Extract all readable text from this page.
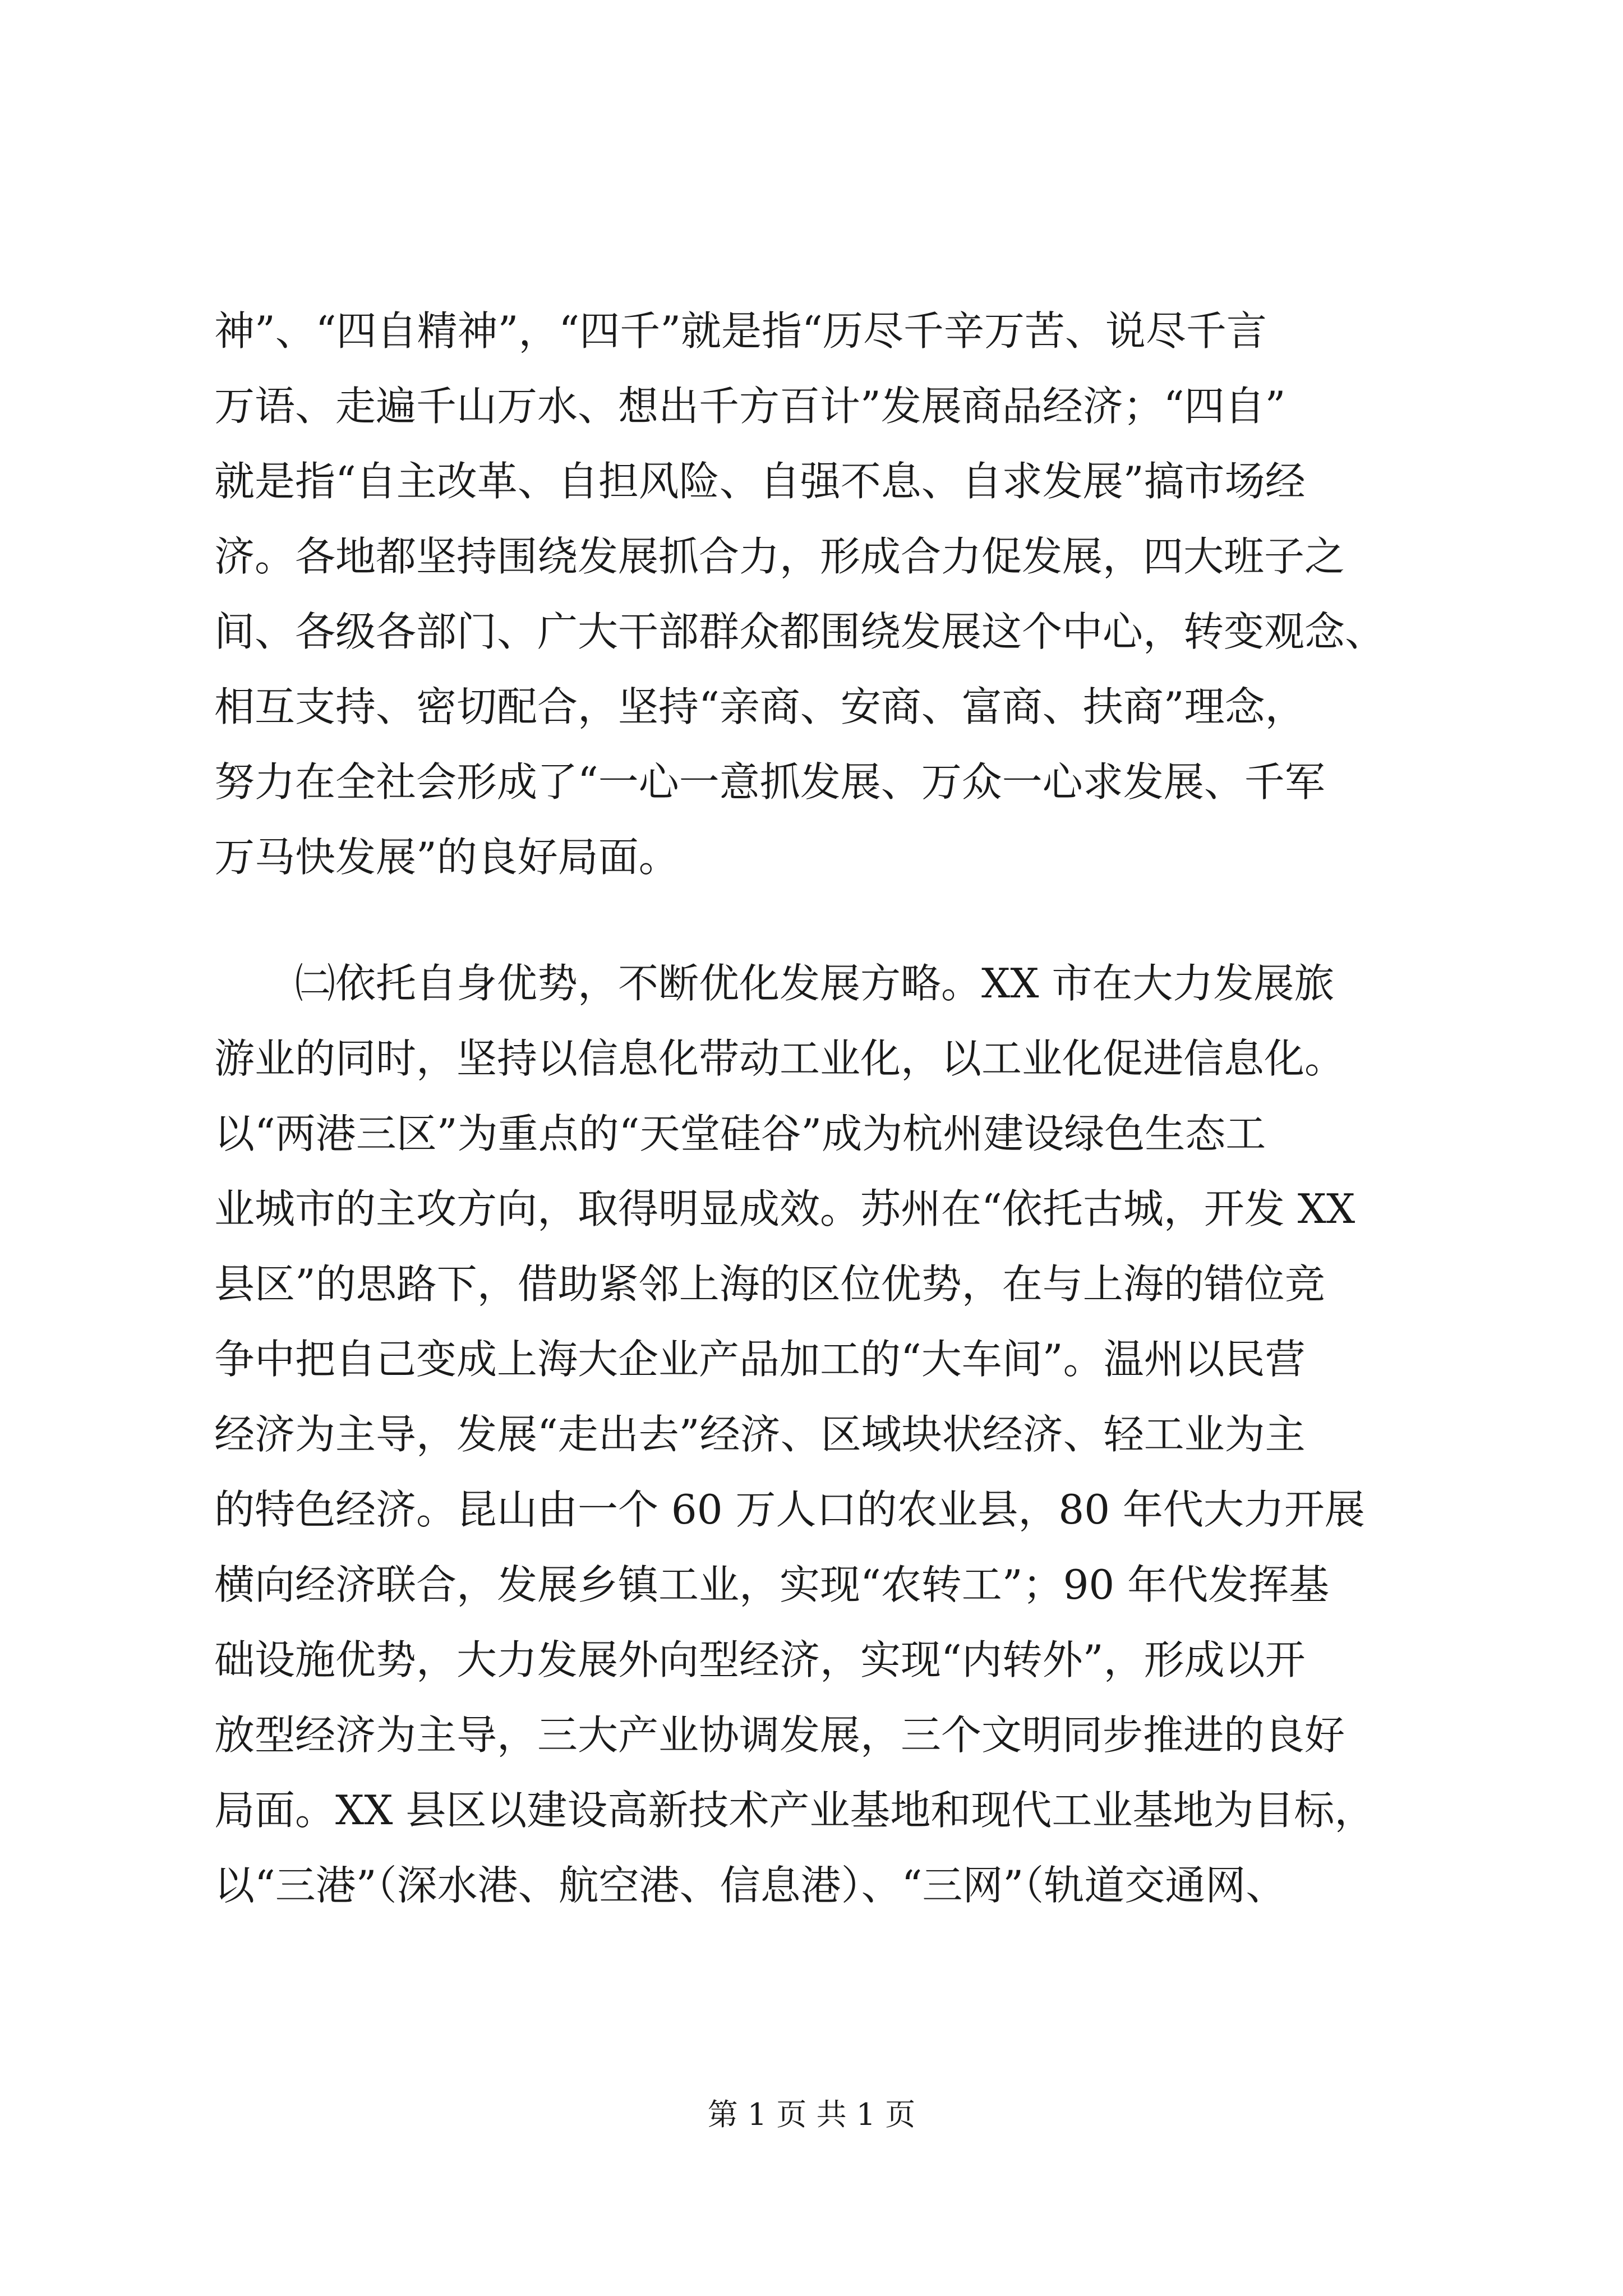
神”、“四自精神”，“四千”就是指“历尽千辛万苦、说尽千言
万语、走遍千山万水、想出千方百计”发展商品经济；“四自”
就是指“自主改革、自担风险、自强不息、自求发展”搞市场经
济。各地都坚持围绕发展抓合力，形成合力促发展，四大班子之
间、各级各部门、广大干部群众都围绕发展这个中心，转变观念、
相互支持、密切配合，坚持“亲商、安商、富商、扶商”理念，
努力在全社会形成了“一心一意抓发展、万众一心求发展、千军
万马快发展”的良好局面。
㈡依托自身优势，不断优化发展方略。XX 市在大力发展旅
游业的同时，坚持以信息化带动工业化，以工业化促进信息化。
以“两港三区”为重点的“天堂硅谷”成为杭州建设绿色生态工
业城市的主攻方向，取得明显成效。苏州在“依托古城，开发 XX
县区”的思路下，借助紧邻上海的区位优势，在与上海的错位竞
争中把自己变成上海大企业产品加工的“大车间”。温州以民营
经济为主导，发展“走出去”经济、区域块状经济、轻工业为主
的特色经济。昆山由一个 60 万人口的农业县，80 年代大力开展
横向经济联合，发展乡镇工业，实现“农转工”；90 年代发挥基
础设施优势，大力发展外向型经济，实现“内转外”，形成以开
放型经济为主导，三大产业协调发展，三个文明同步推进的良好
局面。XX 县区以建设高新技术产业基地和现代工业基地为目标，
以“三港”（深水港、航空港、信息港）、“三网”（轨道交通网、
第 1 页 共 1 页
